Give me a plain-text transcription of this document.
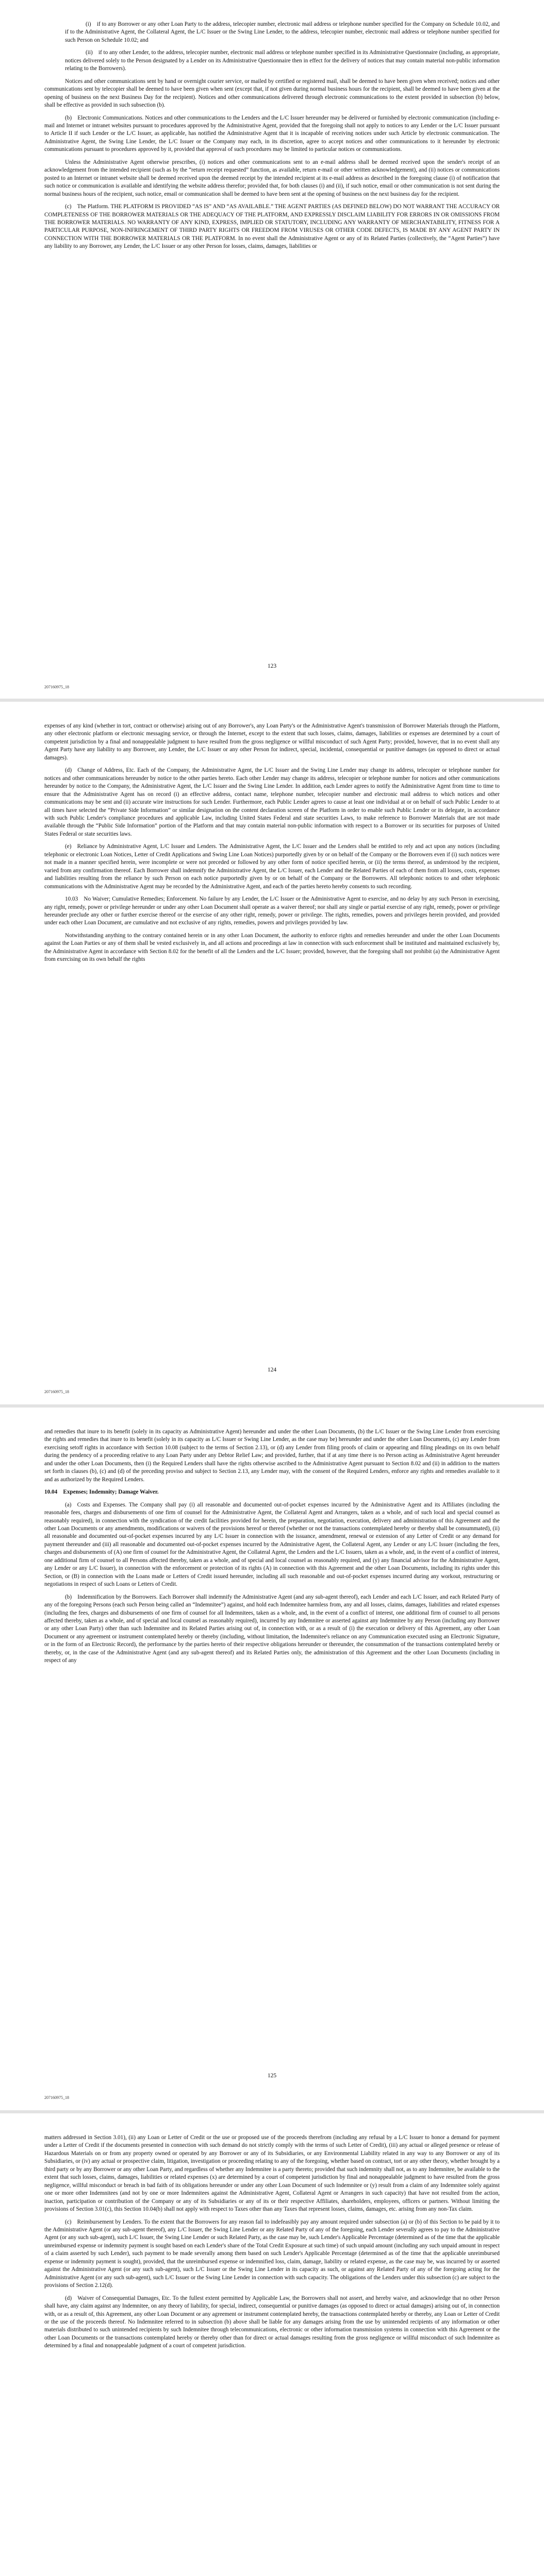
(i) if to any Borrower or any other Loan Party to the address, telecopier number, electronic mail address or telephone number specified for the Company on Schedule 10.02, and if to the Administrative Agent, the Collateral Agent, the L/C Issuer or the Swing Line Lender, to the address, telecopier number, electronic mail address or telephone number specified for such Person on Schedule 10.02; and

(ii) if to any other Lender, to the address, telecopier number, electronic mail address or telephone number specified in its Administrative Questionnaire (including, as appropriate, notices delivered solely to the Person designated by a Lender on its Administrative Questionnaire then in effect for the delivery of notices that may contain material non-public information relating to the Borrowers).

Notices and other communications sent by hand or overnight courier service, or mailed by certified or registered mail, shall be deemed to have been given when received; notices and other communications sent by telecopier shall be deemed to have been given when sent (except that, if not given during normal business hours for the recipient, shall be deemed to have been given at the opening of business on the next Business Day for the recipient). Notices and other communications delivered through electronic communications to the extent provided in subsection (b) below, shall be effective as provided in such subsection (b).

(b) Electronic Communications. Notices and other communications to the Lenders and the L/C Issuer hereunder may be delivered or furnished by electronic communication (including e-mail and Internet or intranet websites pursuant to procedures approved by the Administrative Agent, provided that the foregoing shall not apply to notices to any Lender or the L/C Issuer pursuant to Article II if such Lender or the L/C Issuer, as applicable, has notified the Administrative Agent that it is incapable of receiving notices under such Article by electronic communication. The Administrative Agent, the Swing Line Lender, the L/C Issuer or the Company may each, in its discretion, agree to accept notices and other communications to it hereunder by electronic communications pursuant to procedures approved by it, provided that approval of such procedures may be limited to particular notices or communications.

Unless the Administrative Agent otherwise prescribes, (i) notices and other communications sent to an e-mail address shall be deemed received upon the sender's receipt of an acknowledgement from the intended recipient (such as by the “return receipt requested” function, as available, return e-mail or other written acknowledgement), and (ii) notices or communications posted to an Internet or intranet website shall be deemed received upon the deemed receipt by the intended recipient at its e-mail address as described in the foregoing clause (i) of notification that such notice or communication is available and identifying the website address therefor; provided that, for both clauses (i) and (ii), if such notice, email or other communication is not sent during the normal business hours of the recipient, such notice, email or communication shall be deemed to have been sent at the opening of business on the next business day for the recipient.

(c) The Platform. THE PLATFORM IS PROVIDED “AS IS” AND “AS AVAILABLE.” THE AGENT PARTIES (AS DEFINED BELOW) DO NOT WARRANT THE ACCURACY OR COMPLETENESS OF THE BORROWER MATERIALS OR THE ADEQUACY OF THE PLATFORM, AND EXPRESSLY DISCLAIM LIABILITY FOR ERRORS IN OR OMISSIONS FROM THE BORROWER MATERIALS. NO WARRANTY OF ANY KIND, EXPRESS, IMPLIED OR STATUTORY, INCLUDING ANY WARRANTY OF MERCHANTABILITY, FITNESS FOR A PARTICULAR PURPOSE, NON-INFRINGEMENT OF THIRD PARTY RIGHTS OR FREEDOM FROM VIRUSES OR OTHER CODE DEFECTS, IS MADE BY ANY AGENT PARTY IN CONNECTION WITH THE BORROWER MATERIALS OR THE PLATFORM. In no event shall the Administrative Agent or any of its Related Parties (collectively, the “Agent Parties”) have any liability to any Borrower, any Lender, the L/C Issuer or any other Person for losses, claims, damages, liabilities or

123
207160975_18

expenses of any kind (whether in tort, contract or otherwise) arising out of any Borrower's, any Loan Party's or the Administrative Agent's transmission of Borrower Materials through the Platform, any other electronic platform or electronic messaging service, or through the Internet, except to the extent that such losses, claims, damages, liabilities or expenses are determined by a court of competent jurisdiction by a final and nonappealable judgment to have resulted from the gross negligence or willful misconduct of such Agent Party; provided, however, that in no event shall any Agent Party have any liability to any Borrower, any Lender, the L/C Issuer or any other Person for indirect, special, incidental, consequential or punitive damages (as opposed to direct or actual damages).

(d) Change of Address, Etc. Each of the Company, the Administrative Agent, the L/C Issuer and the Swing Line Lender may change its address, telecopier or telephone number for notices and other communications hereunder by notice to the other parties hereto. Each other Lender may change its address, telecopier or telephone number for notices and other communications hereunder by notice to the Company, the Administrative Agent, the L/C Issuer and the Swing Line Lender. In addition, each Lender agrees to notify the Administrative Agent from time to time to ensure that the Administrative Agent has on record (i) an effective address, contact name, telephone number, telecopier number and electronic mail address to which notices and other communications may be sent and (ii) accurate wire instructions for such Lender. Furthermore, each Public Lender agrees to cause at least one individual at or on behalf of such Public Lender to at all times have selected the “Private Side Information” or similar designation on the content declaration screen of the Platform in order to enable such Public Lender or its delegate, in accordance with such Public Lender's compliance procedures and applicable Law, including United States Federal and state securities Laws, to make reference to Borrower Materials that are not made available through the “Public Side Information” portion of the Platform and that may contain material non-public information with respect to a Borrower or its securities for purposes of United States Federal or state securities laws.

(e) Reliance by Administrative Agent, L/C Issuer and Lenders. The Administrative Agent, the L/C Issuer and the Lenders shall be entitled to rely and act upon any notices (including telephonic or electronic Loan Notices, Letter of Credit Applications and Swing Line Loan Notices) purportedly given by or on behalf of the Company or the Borrowers even if (i) such notices were not made in a manner specified herein, were incomplete or were not preceded or followed by any other form of notice specified herein, or (ii) the terms thereof, as understood by the recipient, varied from any confirmation thereof. Each Borrower shall indemnify the Administrative Agent, the L/C Issuer, each Lender and the Related Parties of each of them from all losses, costs, expenses and liabilities resulting from the reliance by such Person on each notice purportedly given by or on behalf of the Company or the Borrowers. All telephonic notices to and other telephonic communications with the Administrative Agent may be recorded by the Administrative Agent, and each of the parties hereto hereby consents to such recording.

10.03 No Waiver; Cumulative Remedies; Enforcement. No failure by any Lender, the L/C Issuer or the Administrative Agent to exercise, and no delay by any such Person in exercising, any right, remedy, power or privilege hereunder or under any other Loan Document shall operate as a waiver thereof; nor shall any single or partial exercise of any right, remedy, power or privilege hereunder preclude any other or further exercise thereof or the exercise of any other right, remedy, power or privilege. The rights, remedies, powers and privileges herein provided, and provided under each other Loan Document, are cumulative and not exclusive of any rights, remedies, powers and privileges provided by law.

Notwithstanding anything to the contrary contained herein or in any other Loan Document, the authority to enforce rights and remedies hereunder and under the other Loan Documents against the Loan Parties or any of them shall be vested exclusively in, and all actions and proceedings at law in connection with such enforcement shall be instituted and maintained exclusively by, the Administrative Agent in accordance with Section 8.02 for the benefit of all the Lenders and the L/C Issuer; provided, however, that the foregoing shall not prohibit (a) the Administrative Agent from exercising on its own behalf the rights

124
207160975_18

and remedies that inure to its benefit (solely in its capacity as Administrative Agent) hereunder and under the other Loan Documents, (b) the L/C Issuer or the Swing Line Lender from exercising the rights and remedies that inure to its benefit (solely in its capacity as L/C Issuer or Swing Line Lender, as the case may be) hereunder and under the other Loan Documents, (c) any Lender from exercising setoff rights in accordance with Section 10.08 (subject to the terms of Section 2.13), or (d) any Lender from filing proofs of claim or appearing and filing pleadings on its own behalf during the pendency of a proceeding relative to any Loan Party under any Debtor Relief Law; and provided, further, that if at any time there is no Person acting as Administrative Agent hereunder and under the other Loan Documents, then (i) the Required Lenders shall have the rights otherwise ascribed to the Administrative Agent pursuant to Section 8.02 and (ii) in addition to the matters set forth in clauses (b), (c) and (d) of the preceding proviso and subject to Section 2.13, any Lender may, with the consent of the Required Lenders, enforce any rights and remedies available to it and as authorized by the Required Lenders.

10.04 Expenses; Indemnity; Damage Waiver.

(a) Costs and Expenses. The Company shall pay (i) all reasonable and documented out-of-pocket expenses incurred by the Administrative Agent and its Affiliates (including the reasonable fees, charges and disbursements of one firm of counsel for the Administrative Agent, the Collateral Agent and Arrangers, taken as a whole, and of such local and special counsel as reasonably required), in connection with the syndication of the credit facilities provided for herein, the preparation, negotiation, execution, delivery and administration of this Agreement and the other Loan Documents or any amendments, modifications or waivers of the provisions hereof or thereof (whether or not the transactions contemplated hereby or thereby shall be consummated), (ii) all reasonable and documented out-of-pocket expenses incurred by any L/C Issuer in connection with the issuance, amendment, renewal or extension of any Letter of Credit or any demand for payment thereunder and (iii) all reasonable and documented out-of-pocket expenses incurred by the Administrative Agent, the Collateral Agent, any Lender or any L/C Issuer (including the fees, charges and disbursements of (A) one firm of counsel for the Administrative Agent, the Collateral Agent, the Lenders and the L/C Issuers, taken as a whole, and, in the event of a conflict of interest, one additional firm of counsel to all Persons affected thereby, taken as a whole, and of special and local counsel as reasonably required, and (y) any financial advisor for the Administrative Agent, any Lender or any L/C Issuer), in connection with the enforcement or protection of its rights (A) in connection with this Agreement and the other Loan Documents, including its rights under this Section, or (B) in connection with the Loans made or Letters of Credit issued hereunder, including all such reasonable and out-of-pocket expenses incurred during any workout, restructuring or negotiations in respect of such Loans or Letters of Credit.

(b) Indemnification by the Borrowers. Each Borrower shall indemnify the Administrative Agent (and any sub-agent thereof), each Lender and each L/C Issuer, and each Related Party of any of the foregoing Persons (each such Person being called an “Indemnitee”) against, and hold each Indemnitee harmless from, any and all losses, claims, damages, liabilities and related expenses (including the fees, charges and disbursements of one firm of counsel for all Indemnitees, taken as a whole, and, in the event of a conflict of interest, one additional firm of counsel to all persons affected thereby, taken as a whole, and of special and local counsel as reasonably required), incurred by any Indemnitee or asserted against any Indemnitee by any Person (including any Borrower or any other Loan Party) other than such Indemnitee and its Related Parties arising out of, in connection with, or as a result of (i) the execution or delivery of this Agreement, any other Loan Document or any agreement or instrument contemplated hereby or thereby (including, without limitation, the Indemnitee's reliance on any Communication executed using an Electronic Signature, or in the form of an Electronic Record), the performance by the parties hereto of their respective obligations hereunder or thereunder, the consummation of the transactions contemplated hereby or thereby, or, in the case of the Administrative Agent (and any sub-agent thereof) and its Related Parties only, the administration of this Agreement and the other Loan Documents (including in respect of any

125
207160975_18

matters addressed in Section 3.01), (ii) any Loan or Letter of Credit or the use or proposed use of the proceeds therefrom (including any refusal by a L/C Issuer to honor a demand for payment under a Letter of Credit if the documents presented in connection with such demand do not strictly comply with the terms of such Letter of Credit), (iii) any actual or alleged presence or release of Hazardous Materials on or from any property owned or operated by any Borrower or any of its Subsidiaries, or any Environmental Liability related in any way to any Borrower or any of its Subsidiaries, or (iv) any actual or prospective claim, litigation, investigation or proceeding relating to any of the foregoing, whether based on contract, tort or any other theory, whether brought by a third party or by any Borrower or any other Loan Party, and regardless of whether any Indemnitee is a party thereto; provided that such indemnity shall not, as to any Indemnitee, be available to the extent that such losses, claims, damages, liabilities or related expenses (x) are determined by a court of competent jurisdiction by final and nonappealable judgment to have resulted from the gross negligence, willful misconduct or breach in bad faith of its obligations hereunder or under any other Loan Document of such Indemnitee or (y) result from a claim of any Indemnitee solely against one or more other Indemnitees (and not by one or more Indemnitees against the Administrative Agent, Collateral Agent or Arrangers in such capacity) that have not resulted from the action, inaction, participation or contribution of the Company or any of its Subsidiaries or any of its or their respective Affiliates, shareholders, employees, officers or partners. Without limiting the provisions of Section 3.01(c), this Section 10.04(b) shall not apply with respect to Taxes other than any Taxes that represent losses, claims, damages, etc. arising from any non-Tax claim.

(c) Reimbursement by Lenders. To the extent that the Borrowers for any reason fail to indefeasibly pay any amount required under subsection (a) or (b) of this Section to be paid by it to the Administrative Agent (or any sub-agent thereof), any L/C Issuer, the Swing Line Lender or any Related Party of any of the foregoing, each Lender severally agrees to pay to the Administrative Agent (or any such sub-agent), such L/C Issuer, the Swing Line Lender or such Related Party, as the case may be, such Lender's Applicable Percentage (determined as of the time that the applicable unreimbursed expense or indemnity payment is sought based on each Lender's share of the Total Credit Exposure at such time) of such unpaid amount (including any such unpaid amount in respect of a claim asserted by such Lender), such payment to be made severally among them based on such Lender's Applicable Percentage (determined as of the time that the applicable unreimbursed expense or indemnity payment is sought), provided, that the unreimbursed expense or indemnified loss, claim, damage, liability or related expense, as the case may be, was incurred by or asserted against the Administrative Agent (or any such sub-agent), such L/C Issuer or the Swing Line Lender in its capacity as such, or against any Related Party of any of the foregoing acting for the Administrative Agent (or any such sub-agent), such L/C Issuer or the Swing Line Lender in connection with such capacity. The obligations of the Lenders under this subsection (c) are subject to the provisions of Section 2.12(d).

(d) Waiver of Consequential Damages, Etc. To the fullest extent permitted by Applicable Law, the Borrowers shall not assert, and hereby waive, and acknowledge that no other Person shall have, any claim against any Indemnitee, on any theory of liability, for special, indirect, consequential or punitive damages (as opposed to direct or actual damages) arising out of, in connection with, or as a result of, this Agreement, any other Loan Document or any agreement or instrument contemplated hereby, the transactions contemplated hereby or thereby, any Loan or Letter of Credit or the use of the proceeds thereof. No Indemnitee referred to in subsection (b) above shall be liable for any damages arising from the use by unintended recipients of any information or other materials distributed to such unintended recipients by such Indemnitee through telecommunications, electronic or other information transmission systems in connection with this Agreement or the other Loan Documents or the transactions contemplated hereby or thereby other than for direct or actual damages resulting from the gross negligence or willful misconduct of such Indemnitee as determined by a final and nonappealable judgment of a court of competent jurisdiction.
